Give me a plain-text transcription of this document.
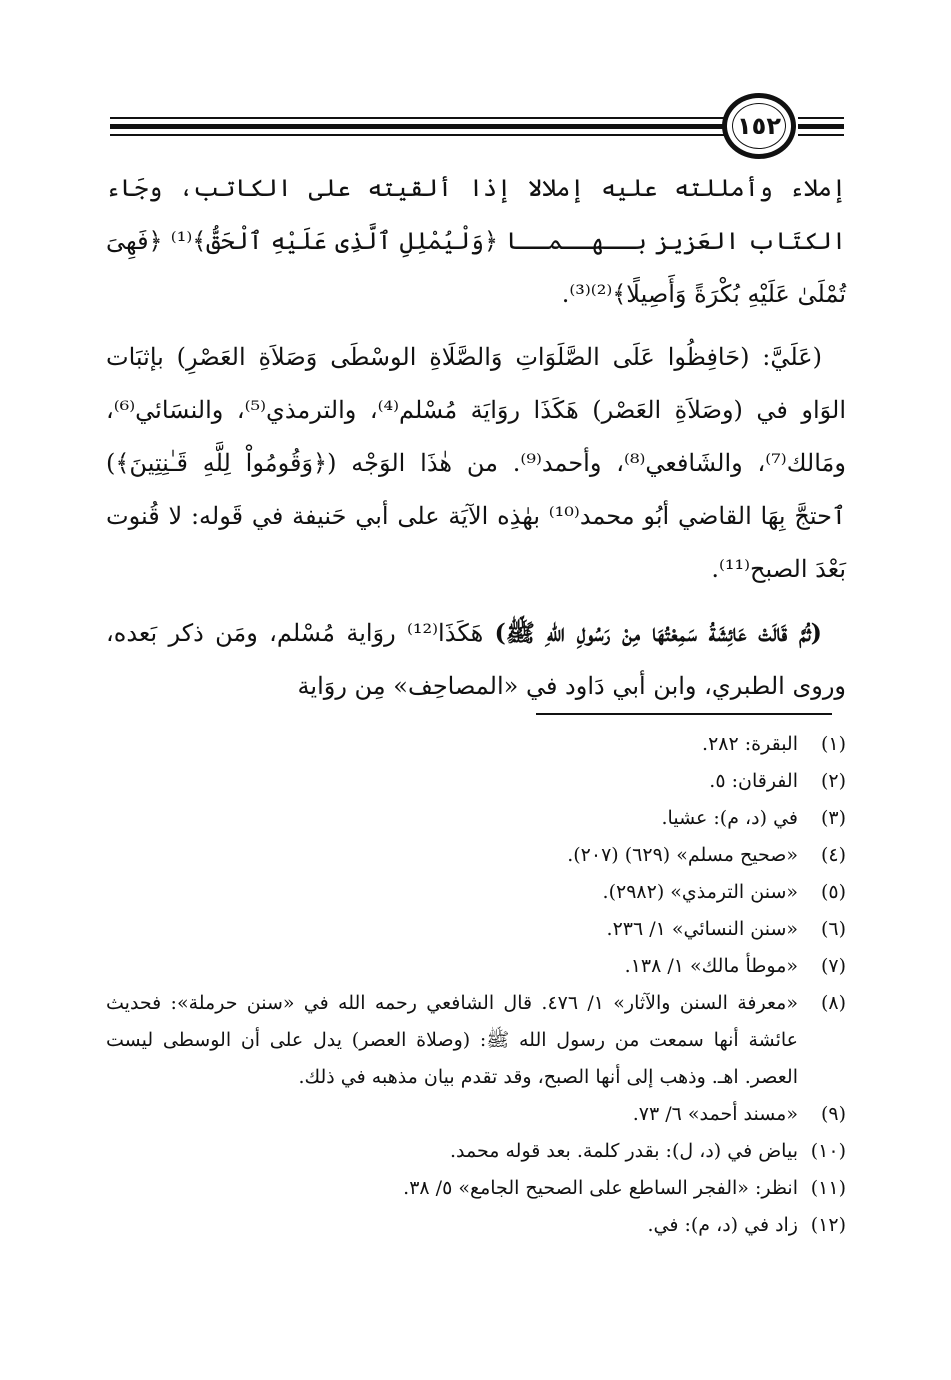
١٥٢

إملاء وأمللته عليه إملالا إذا ألقيته على الكاتب، وجَاء الكتَاب العَزيز بــهــمــا ﴿وَلْيُمْلِلِ ٱلَّذِى عَلَيْهِ ٱلْحَقُّ﴾⁽¹⁾ ﴿فَهِىَ تُمْلَىٰ عَلَيْهِ بُكْرَةً وَأَصِيلًا﴾⁽²⁾⁽³⁾.

(عَلَيَّ: (حَافِظُوا عَلَى الصَّلَوَاتِ وَالصَّلَاةِ الوسْطَى وَصَلاَةِ العَصْرِ) بإثبَات الوَاو في (وصَلاَةِ العَصْر) هَكَذَا روَايَة مُسْلم⁽⁴⁾، والترمذي⁽⁵⁾، والنسَائي⁽⁶⁾، ومَالك⁽⁷⁾، والشَافعي⁽⁸⁾، وأحمد⁽⁹⁾. من هٰذَا الوَجْه (﴿وَقُومُواْ لِلَّهِ قَـٰنِتِينَ﴾) ٱحتجَّ بِهَا القاضي أبُو محمد⁽¹⁰⁾ بهٰذِه الآيَة على أبي حَنيفة في قَوله: لا قُنوت بَعْدَ الصبح⁽¹¹⁾.

(ثُمَّ قَالَتْ عَائِشَةُ سَمِعْتُهَا مِنْ رَسُولِ اللهِ ﷺ) هَكَذَا⁽¹²⁾ روَاية مُسْلم، ومَن ذكر بَعده، وروى الطبري، وابن أبي دَاود في «المصاحِف» مِن روَاية

(١)
البقرة: ٢٨٢.
(٢)
الفرقان: ٥.
(٣)
في (د، م): عشيا.
(٤)
«صحيح مسلم» (٦٢٩) (٢٠٧).
(٥)
«سنن الترمذي» (٢٩٨٢).
(٦)
«سنن النسائي» ١/ ٢٣٦.
(٧)
«موطأ مالك» ١/ ١٣٨.
(٨)
«معرفة السنن والآثار» ١/ ٤٧٦. قال الشافعي رحمه الله في «سنن حرملة»: فحديث عائشة أنها سمعت من رسول الله ﷺ: (وصلاة العصر) يدل على أن الوسطى ليست العصر. اهـ. وذهب إلى أنها الصبح، وقد تقدم بيان مذهبه في ذلك.
(٩)
«مسند أحمد» ٦/ ٧٣.
(١٠)
بياض في (د، ل): بقدر كلمة. بعد قوله محمد.
(١١)
انظر: «الفجر الساطع على الصحيح الجامع» ٥/ ٣٨.
(١٢)
زاد في (د، م): في.
